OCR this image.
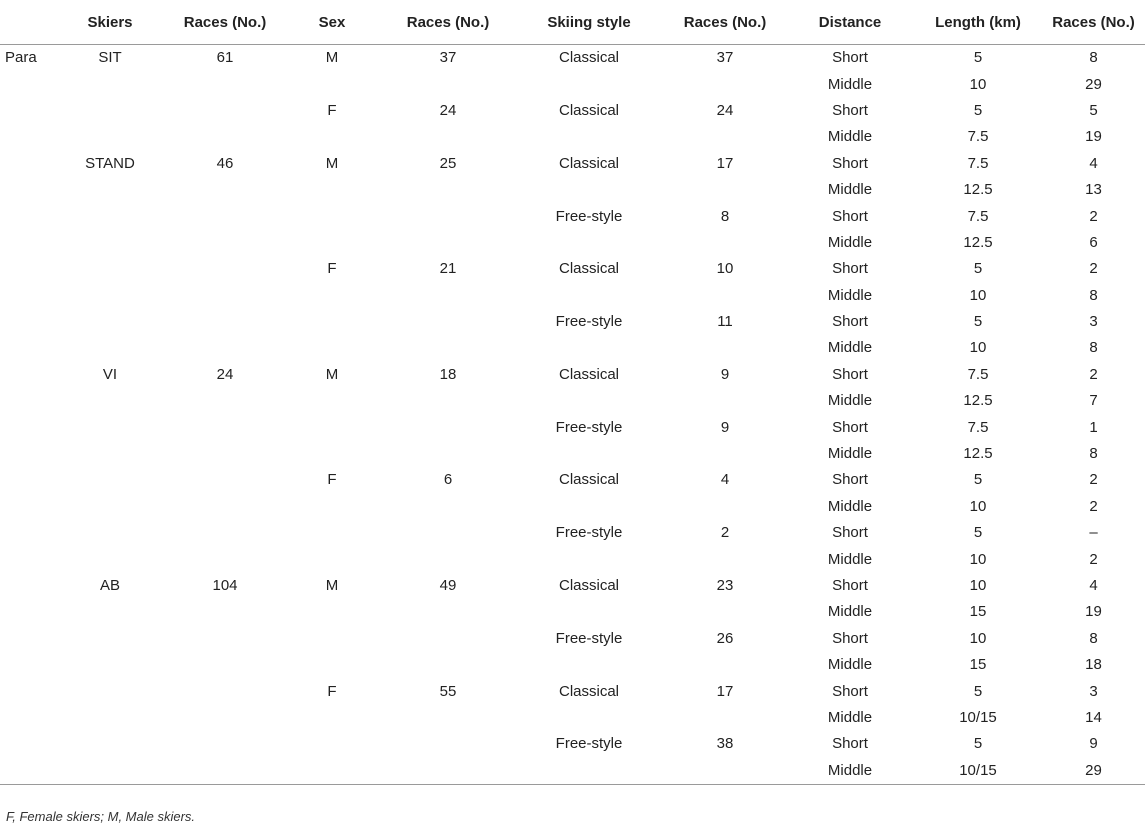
	Skiers	Races (No.)	Sex	Races (No.)	Skiing style	Races (No.)	Distance	Length (km)	Races (No.)
Para	SIT	61	M	37	Classical	37	Short	5	8
							Middle	10	29
			F	24	Classical	24	Short	5	5
							Middle	7.5	19
	STAND	46	M	25	Classical	17	Short	7.5	4
							Middle	12.5	13
					Free-style	8	Short	7.5	2
							Middle	12.5	6
			F	21	Classical	10	Short	5	2
							Middle	10	8
					Free-style	11	Short	5	3
							Middle	10	8
	VI	24	M	18	Classical	9	Short	7.5	2
							Middle	12.5	7
					Free-style	9	Short	7.5	1
							Middle	12.5	8
			F	6	Classical	4	Short	5	2
							Middle	10	2
					Free-style	2	Short	5	–
							Middle	10	2
	AB	104	M	49	Classical	23	Short	10	4
							Middle	15	19
					Free-style	26	Short	10	8
							Middle	15	18
			F	55	Classical	17	Short	5	3
							Middle	10/15	14
					Free-style	38	Short	5	9
							Middle	10/15	29
F, Female skiers; M, Male skiers.
